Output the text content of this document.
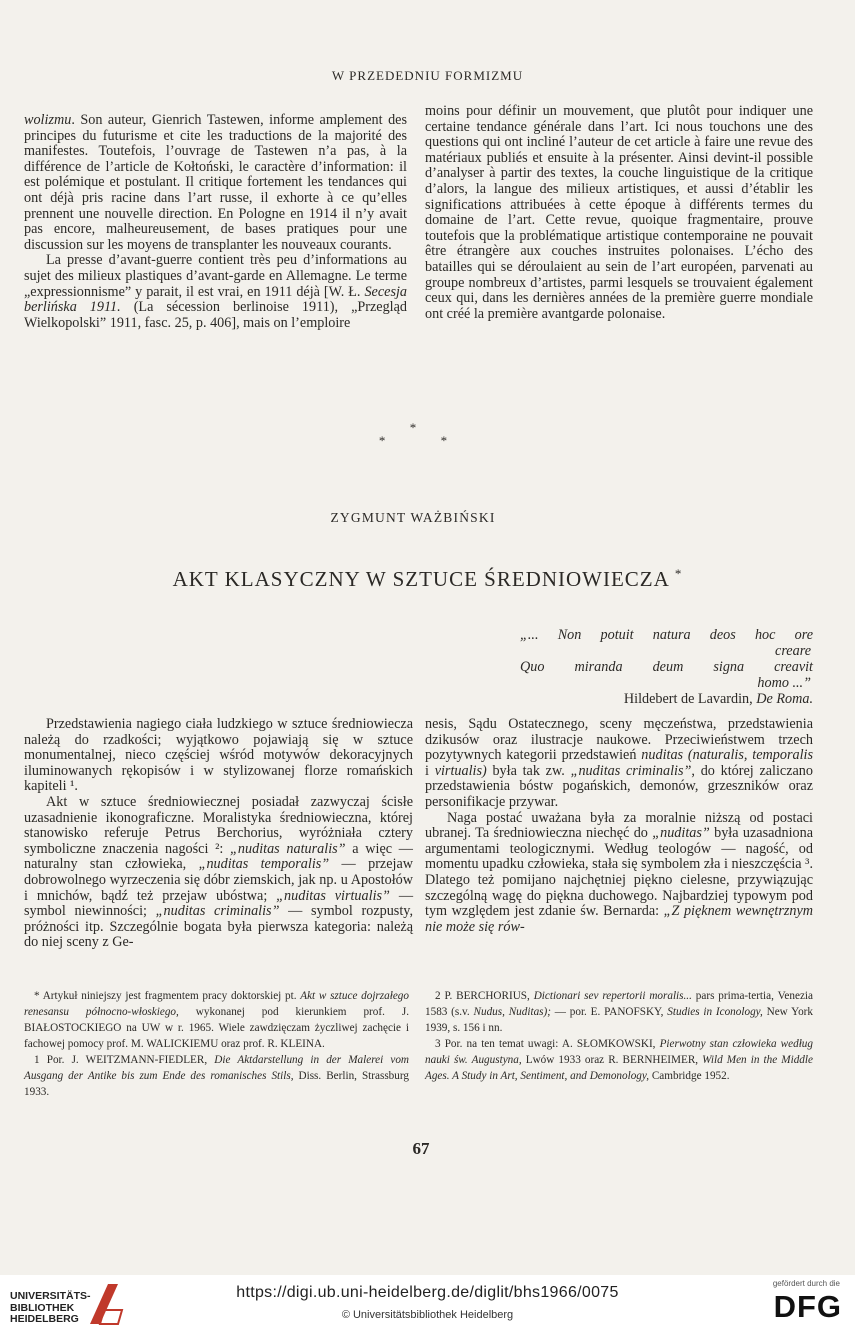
W PRZEDEDNIU FORMIZMU

wolizmu. Son auteur, Gienrich Tastewen, informe amplement des principes du futurisme et cite les traductions de la majorité des manifestes. Toutefois, l’ouvrage de Tastewen n’a pas, à la différence de l’article de Kołtoński, le caractère d’information: il est polémique et postulant. Il critique fortement les tendances qui ont déjà pris racine dans l’art russe, il exhorte à ce qu’elles prennent une nouvelle direction. En Pologne en 1914 il n’y avait pas encore, malheureusement, de bases pratiques pour une discussion sur les moyens de transplanter les nouveaux courants.

La presse d’avant-guerre contient très peu d’informations au sujet des milieux plastiques d’avant-garde en Allemagne. Le terme „expressionnisme” y parait, il est vrai, en 1911 déjà [W. Ł. Secesja berlińska 1911. (La sécession berlinoise 1911), „Przegląd Wielkopolski” 1911, fasc. 25, p. 406], mais on l’emploire

moins pour définir un mouvement, que plutôt pour indiquer une certaine tendance générale dans l’art. Ici nous touchons une des questions qui ont incliné l’auteur de cet article à faire une revue des matériaux publiés et ensuite à la présenter. Ainsi devint-il possible d’analyser à partir des textes, la couche linguistique de la critique d’alors, la langue des milieux artistiques, et aussi d’établir les significations attribuées à cette époque à différents termes du domaine de l’art. Cette revue, quoique fragmentaire, prouve toutefois que la problématique artistique contemporaine ne pouvait être étrangère aux couches instruites polonaises. L’écho des batailles qui se déroulaient au sein de l’art européen, parvenati au groupe nombreux d’artistes, parmi lesquels se trouvaient également ceux qui, dans les dernières années de la première guerre mondiale ont créé la première avantgarde polonaise.

*
* *
ZYGMUNT WAŻBIŃSKI
AKT KLASYCZNY W SZTUCE ŚREDNIOWIECZA *
„... Non potuit natura deos hoc ore
creare
Quo miranda deum signa creavit
homo ...”
Hildebert de Lavardin, De Roma.

Przedstawienia nagiego ciała ludzkiego w sztuce średniowiecza należą do rzadkości; wyjątkowo pojawiają się w sztuce monumentalnej, nieco częściej wśród motywów dekoracyjnych iluminowanych rękopisów i w stylizowanej florze romańskich kapiteli ¹.

Akt w sztuce średniowiecznej posiadał zazwyczaj ścisłe uzasadnienie ikonograficzne. Moralistyka średniowieczna, której stanowisko referuje Petrus Berchorius, wyróżniała cztery symboliczne znaczenia nagości ²: „nuditas naturalis” a więc — naturalny stan człowieka, „nuditas temporalis” — przejaw dobrowolnego wyrzeczenia się dóbr ziemskich, jak np. u Apostołów i mnichów, bądź też przejaw ubóstwa; „nuditas virtualis” — symbol niewinności; „nuditas criminalis” — symbol rozpusty, próżności itp. Szczególnie bogata była pierwsza kategoria: należą do niej sceny z Ge-

nesis, Sądu Ostatecznego, sceny męczeństwa, przedstawienia dzikusów oraz ilustracje naukowe. Przeciwieństwem trzech pozytywnych kategorii przedstawień nuditas (naturalis, temporalis i virtualis) była tak zw. „nuditas criminalis”, do której zaliczano przedstawienia bóstw pogańskich, demonów, grzeszników oraz personifikacje przywar.

Naga postać uważana była za moralnie niższą od postaci ubranej. Ta średniowieczna niechęć do „nuditas” była uzasadniona argumentami teologicznymi. Według teologów — nagość, od momentu upadku człowieka, stała się symbolem zła i nieszczęścia ³. Dlatego też pomijano najchętniej piękno cielesne, przywiązując szczególną wagę do piękna duchowego. Najbardziej typowym pod tym względem jest zdanie św. Bernarda: „Z pięknem wewnętrznym nie może się rów-

* Artykuł niniejszy jest fragmentem pracy doktorskiej pt. Akt w sztuce dojrzałego renesansu północno-włoskiego, wykonanej pod kierunkiem prof. J. BIAŁOSTOCKIEGO na UW w r. 1965. Wiele zawdzięczam życzliwej zachęcie i fachowej pomocy prof. M. WALICKIEMU oraz prof. R. KLEINA.

1 Por. J. WEITZMANN-FIEDLER, Die Aktdarstellung in der Malerei vom Ausgang der Antike bis zum Ende des romanisches Stils, Diss. Berlin, Strassburg 1933.

2 P. BERCHORIUS, Dictionari sev repertorii moralis... pars prima-tertia, Venezia 1583 (s.v. Nudus, Nuditas); — por. E. PANOFSKY, Studies in Iconology, New York 1939, s. 156 i nn.

3 Por. na ten temat uwagi: A. SŁOMKOWSKI, Pierwotny stan człowieka według nauki św. Augustyna, Lwów 1933 oraz R. BERNHEIMER, Wild Men in the Middle Ages. A Study in Art, Sentiment, and Demonology, Cambridge 1952.

67
UNIVERSITÄTS-
BIBLIOTHEK
HEIDELBERG
https://digi.ub.uni-heidelberg.de/diglit/bhs1966/0075
© Universitätsbibliothek Heidelberg
gefördert durch die
DFG
